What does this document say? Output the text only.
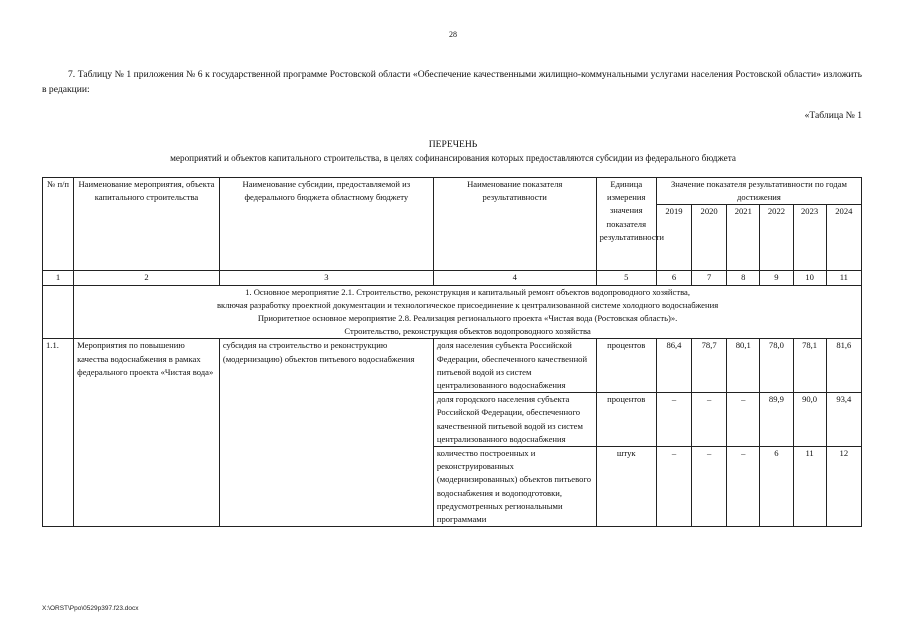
28
7. Таблицу № 1 приложения № 6 к государственной программе Ростовской области «Обеспечение качественными жилищно-коммунальными услугами населения Ростовской области» изложить в редакции:
«Таблица № 1
ПЕРЕЧЕНЬ
мероприятий и объектов капитального строительства, в целях софинансирования которых предоставляются субсидии из федерального бюджета
№ п/п	Наименование мероприятия, объекта капитального строительства	Наименование субсидии, предоставляемой из федерального бюджета областному бюджету	Наименование показателя результативности	Единица измерения значения показателя результативности	Значение показателя результативности по годам достижения					
					2019	2020	2021	2022	2023	2024
1	2	3	4	5	6	7	8	9	10	11

	1. Основное мероприятие 2.1. Строительство, реконструкция и капитальный ремонт объектов водопроводного хозяйства,
включая разработку проектной документации и технологическое присоединение к централизованной системе холодного водоснабжения
Приоритетное основное мероприятие 2.8. Реализация регионального проекта «Чистая вода (Ростовская область)».
Строительство, реконструкция объектов водопроводного хозяйства									

1.1.	Мероприятия по повышению качества водоснабжения в рамках федерального проекта «Чистая вода»	субсидия на строительство и реконструкцию (модернизацию) объектов питьевого водоснабжения	доля населения субъекта Российской Федерации, обеспеченного качественной питьевой водой из систем централизованного водоснабжения	процентов	86,4	78,7	80,1	78,0	78,1	81,6
			доля городского населения субъекта Российской Федерации, обеспеченного качественной питьевой водой из систем централизованного водоснабжения	процентов	–	–	–	89,9	90,0	93,4
			количество построенных и реконструированных (модернизированных) объектов питьевого водоснабжения и водоподготовки, предусмотренных региональными программами	штук	–	–	–	6	11	12
X:\ORST\Ppo\0529p397.f23.docx
